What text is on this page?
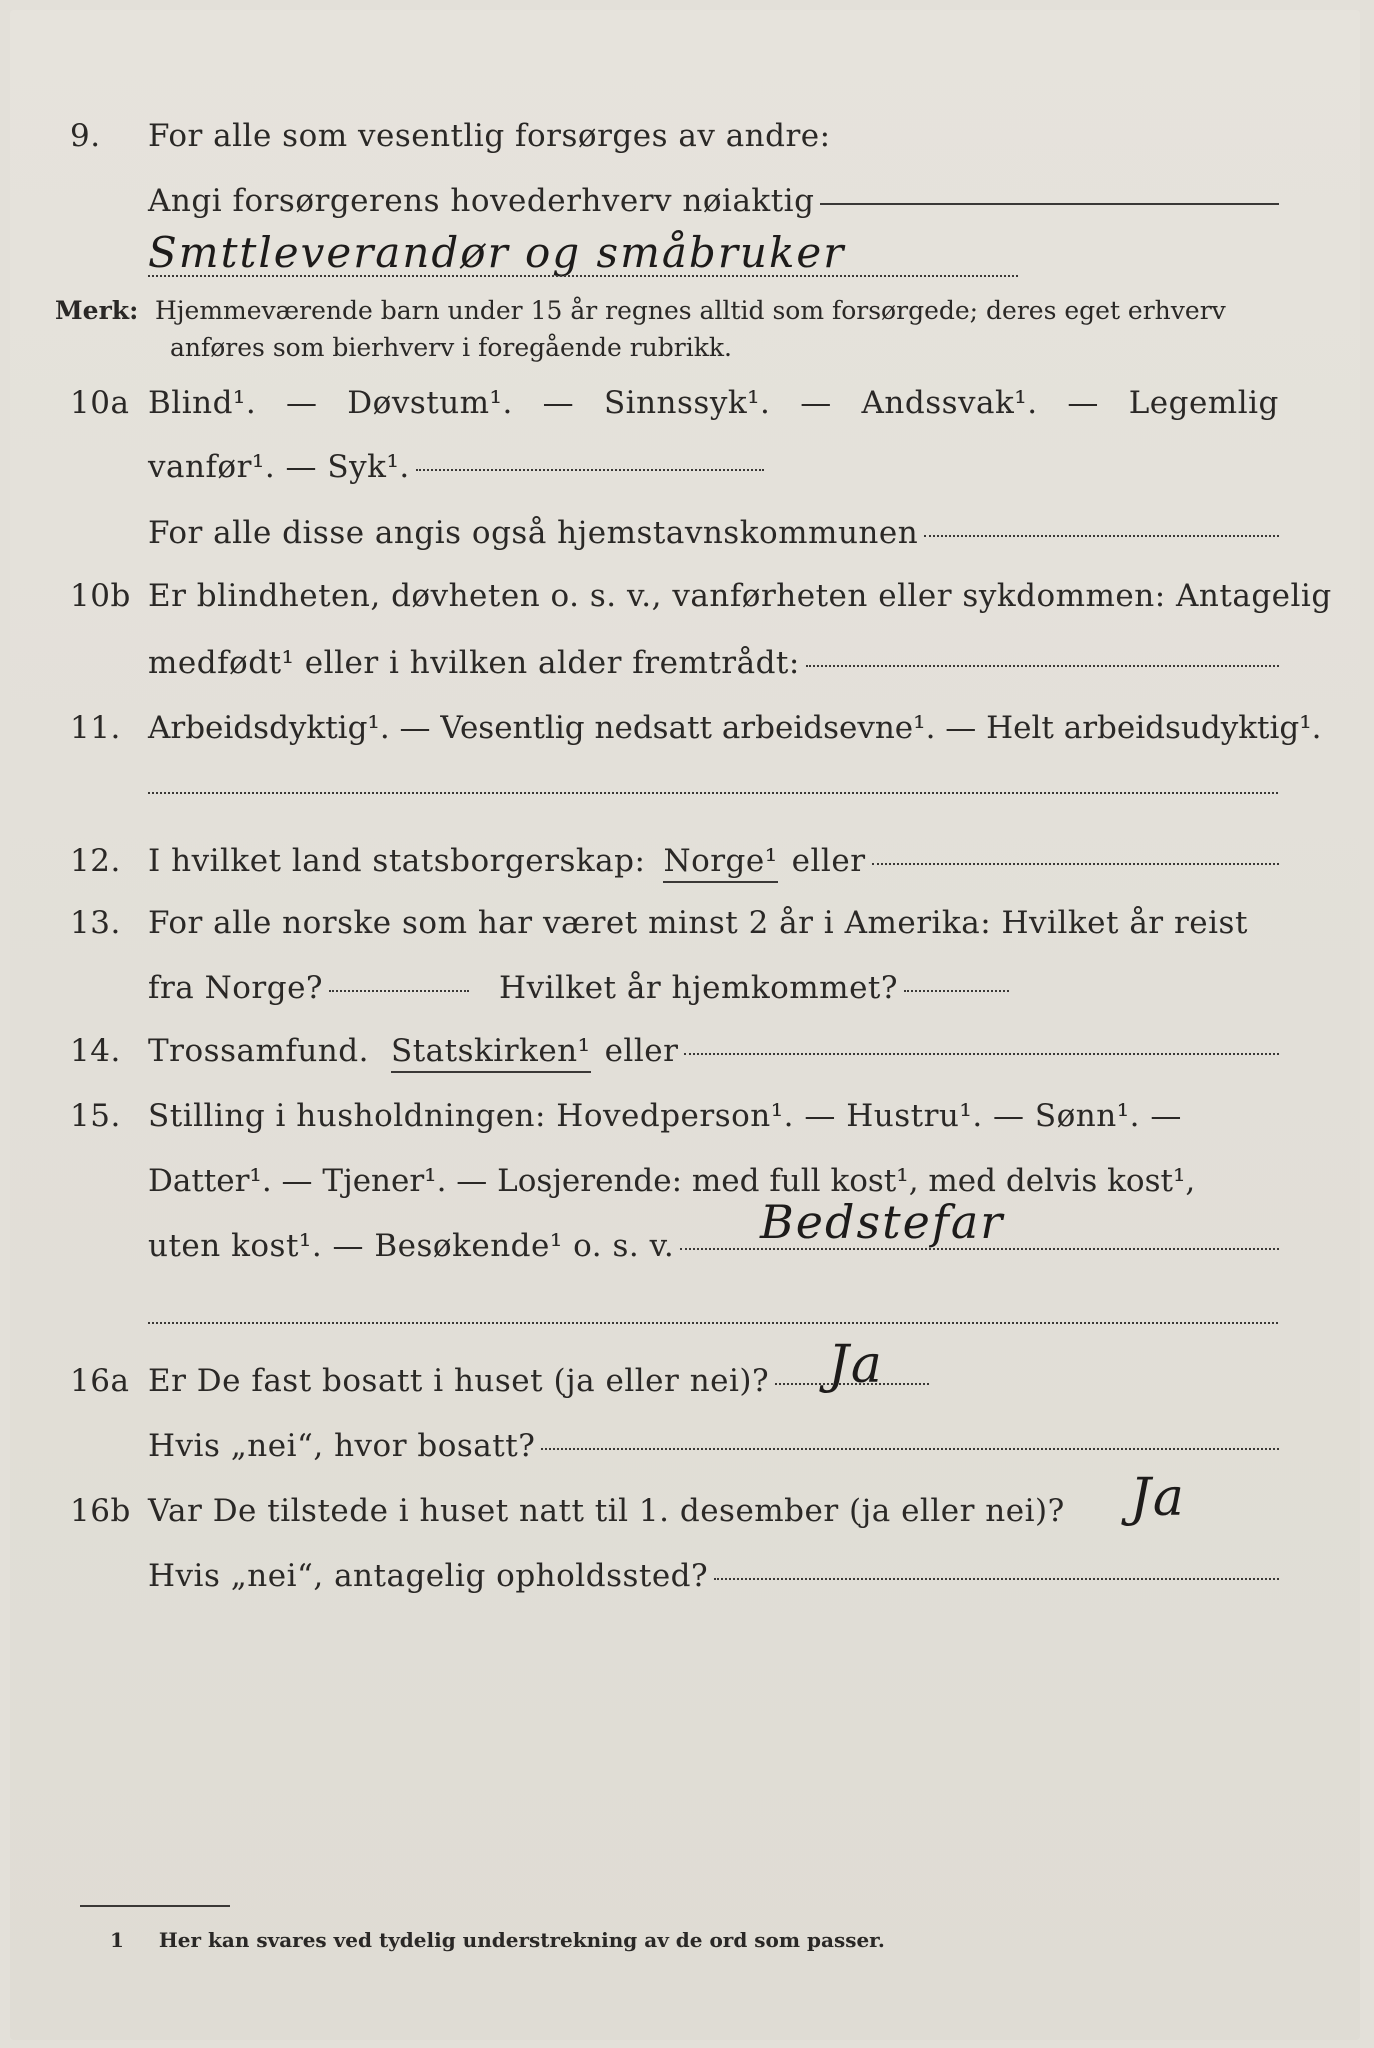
9.	For alle som vesentlig forsørges av andre:
Angi forsørgerens hovederhverv nøiaktig
Smttleverandør og småbruker
Merk: Hjemmeværende barn under 15 år regnes alltid som forsørgede; deres eget erhverv
anføres som bierhverv i foregående rubrikk.
10a Blind¹. — Døvstum¹. — Sinnssyk¹. — Andssvak¹. — Legemlig
vanfør¹. — Syk¹.
For alle disse angis også hjemstavnskommunen
10b Er blindheten, døvheten o. s. v., vanførheten eller sykdommen: Antagelig
medfødt¹ eller i hvilken alder fremtrådt:
11. Arbeidsdyktig¹. — Vesentlig nedsatt arbeidsevne¹. — Helt arbeidsudyktig¹.
12. I hvilket land statsborgerskap: Norge¹ eller
13. For alle norske som har været minst 2 år i Amerika: Hvilket år reist
fra Norge?	Hvilket år hjemkommet?
14. Trossamfund. Statskirken¹ eller
15. Stilling i husholdningen: Hovedperson¹. — Hustru¹. — Sønn¹. —
Datter¹. — Tjener¹. — Losjerende: med full kost¹, med delvis kost¹,
uten kost¹. — Besøkende¹ o. s. v. Bedstefar
16a Er De fast bosatt i huset (ja eller nei)? Ja
Hvis „nei“, hvor bosatt?
16b Var De tilstede i huset natt til 1. desember (ja eller nei)? Ja
Hvis „nei“, antagelig opholdssted?
1 Her kan svares ved tydelig understrekning av de ord som passer.
